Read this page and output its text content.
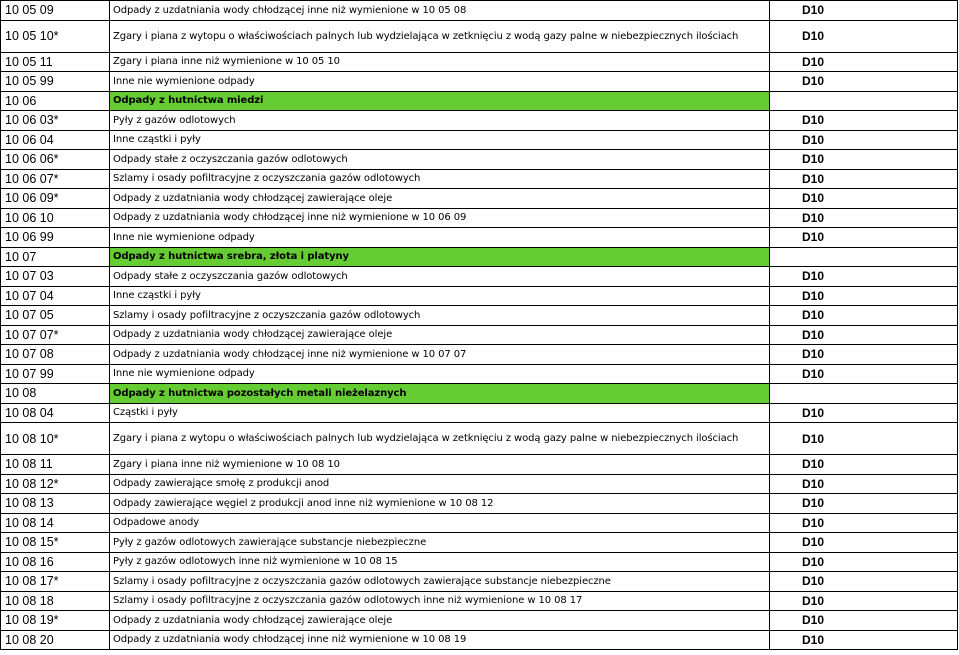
10 05 09	Odpady z uzdatniania wody chłodzącej inne niż wymienione w 10 05 08	D10
10 05 10*	Zgary i piana z wytopu o właściwościach palnych lub wydzielająca w zetknięciu z wodą gazy palne w niebezpiecznych ilościach	D10
10 05 11	Zgary i piana inne niż wymienione w 10 05 10	D10
10 05 99	Inne nie wymienione odpady	D10
10 06	Odpady z hutnictwa miedzi	
10 06 03*	Pyły z gazów odlotowych	D10
10 06 04	Inne cząstki i pyły	D10
10 06 06*	Odpady stałe z oczyszczania gazów odlotowych	D10
10 06 07*	Szlamy i osady pofiltracyjne z oczyszczania gazów odlotowych	D10
10 06 09*	Odpady z uzdatniania wody chłodzącej zawierające oleje	D10
10 06 10	Odpady z uzdatniania wody chłodzącej inne niż wymienione w 10 06 09	D10
10 06 99	Inne nie wymienione odpady	D10
10 07	Odpady z hutnictwa srebra, złota i platyny	
10 07 03	Odpady stałe z oczyszczania gazów odlotowych	D10
10 07 04	Inne cząstki i pyły	D10
10 07 05	Szlamy i osady pofiltracyjne z oczyszczania gazów odlotowych	D10
10 07 07*	Odpady z uzdatniania wody chłodzącej zawierające oleje	D10
10 07 08	Odpady z uzdatniania wody chłodzącej inne niż wymienione w 10 07 07	D10
10 07 99	Inne nie wymienione odpady	D10
10 08	Odpady z hutnictwa pozostałych metali nieżelaznych	
10 08 04	Cząstki i pyły	D10
10 08 10*	Zgary i piana z wytopu o właściwościach palnych lub wydzielająca w zetknięciu z wodą gazy palne w niebezpiecznych ilościach	D10
10 08 11	Zgary i piana inne niż wymienione w 10 08 10	D10
10 08 12*	Odpady zawierające smołę z produkcji anod	D10
10 08 13	Odpady zawierające węgiel z produkcji anod inne niż wymienione w 10 08 12	D10
10 08 14	Odpadowe anody	D10
10 08 15*	Pyły z gazów odlotowych zawierające substancje niebezpieczne	D10
10 08 16	Pyły z gazów odlotowych inne niż wymienione w 10 08 15	D10
10 08 17*	Szlamy i osady pofiltracyjne z oczyszczania gazów odlotowych zawierające substancje niebezpieczne	D10
10 08 18	Szlamy i osady pofiltracyjne z oczyszczania gazów odlotowych inne niż wymienione w 10 08 17	D10
10 08 19*	Odpady z uzdatniania wody chłodzącej zawierające oleje	D10
10 08 20	Odpady z uzdatniania wody chłodzącej inne niż wymienione w 10 08 19	D10
